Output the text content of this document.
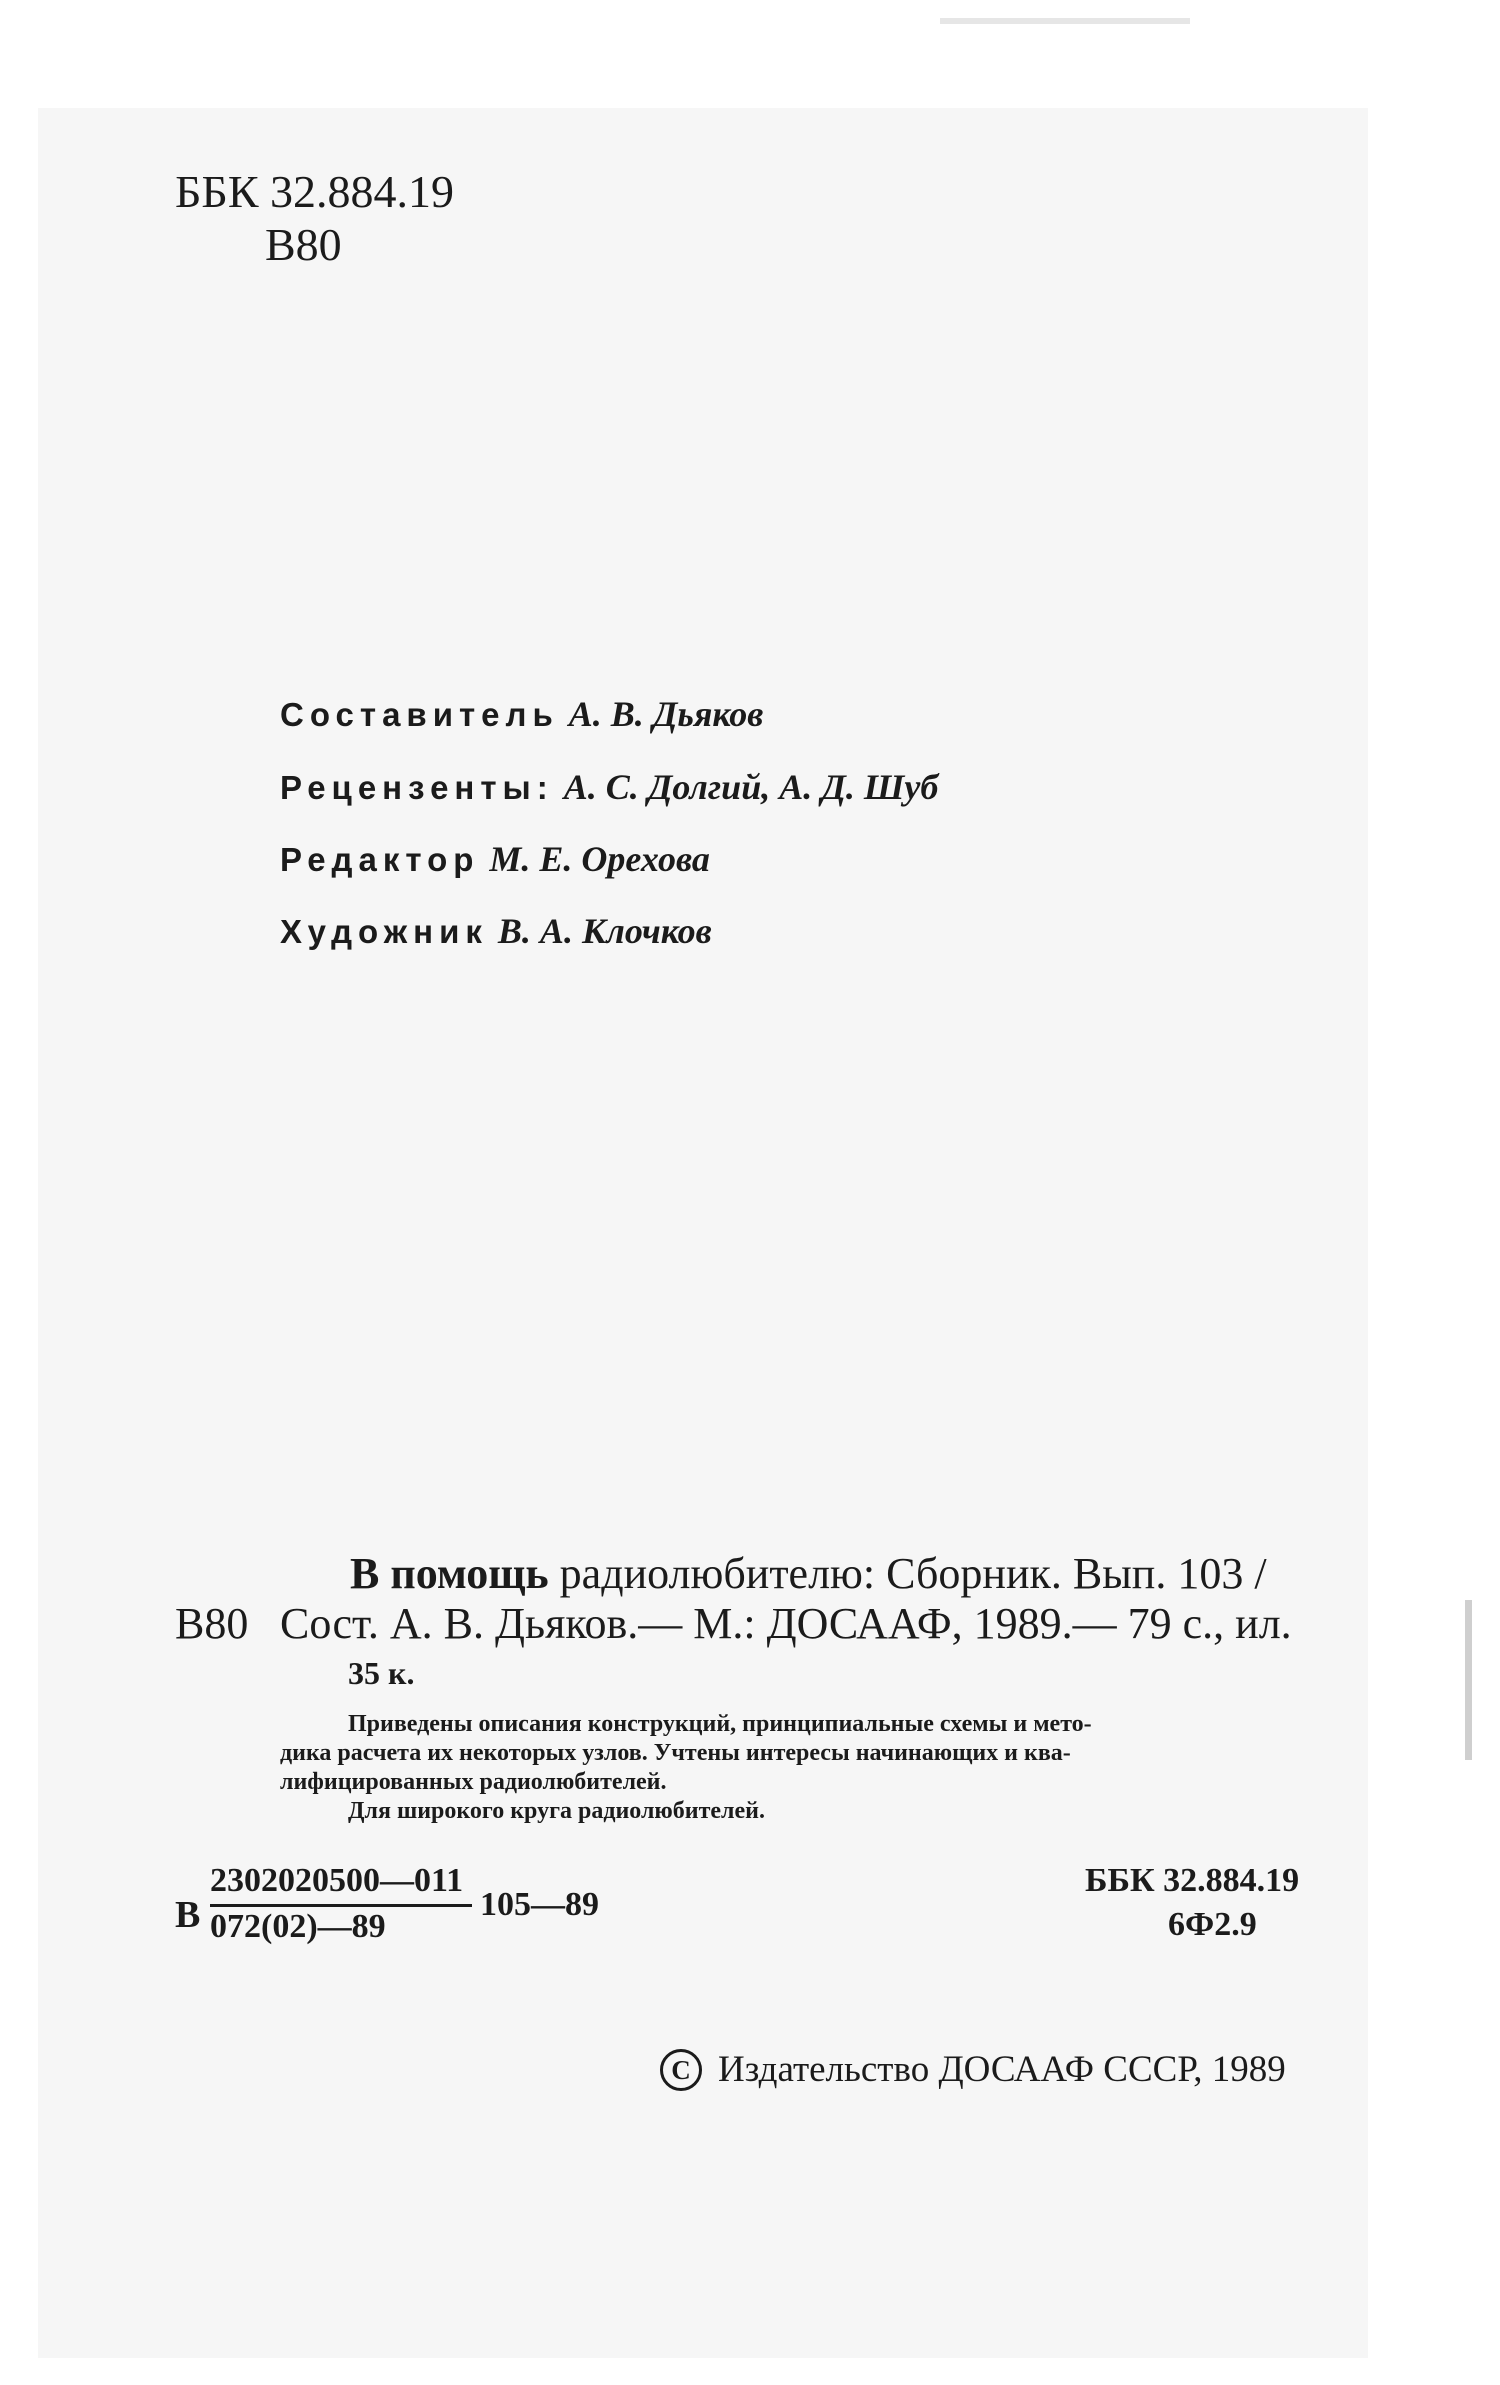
ББК 32.884.19
В80
Составитель А. В. Дьяков
Рецензенты: А. С. Долгий, А. Д. Шуб
Редактор М. Е. Орехова
Художник В. А. Клочков
В помощь радиолюбителю: Сборник. Вып. 103 /
В80 Сост. А. В. Дьяков.— М.: ДОСААФ, 1989.— 79 с., ил.
35 к.
Приведены описания конструкций, принципиальные схемы и мето-
дика расчета их некоторых узлов. Учтены интересы начинающих и ква-
лифицированных радиолюбителей.
Для широкого круга радиолюбителей.
В
2302020500—011
072(02)—89
105—89
ББК 32.884.19
6Ф2.9
C Издательство ДОСААФ СССР, 1989
